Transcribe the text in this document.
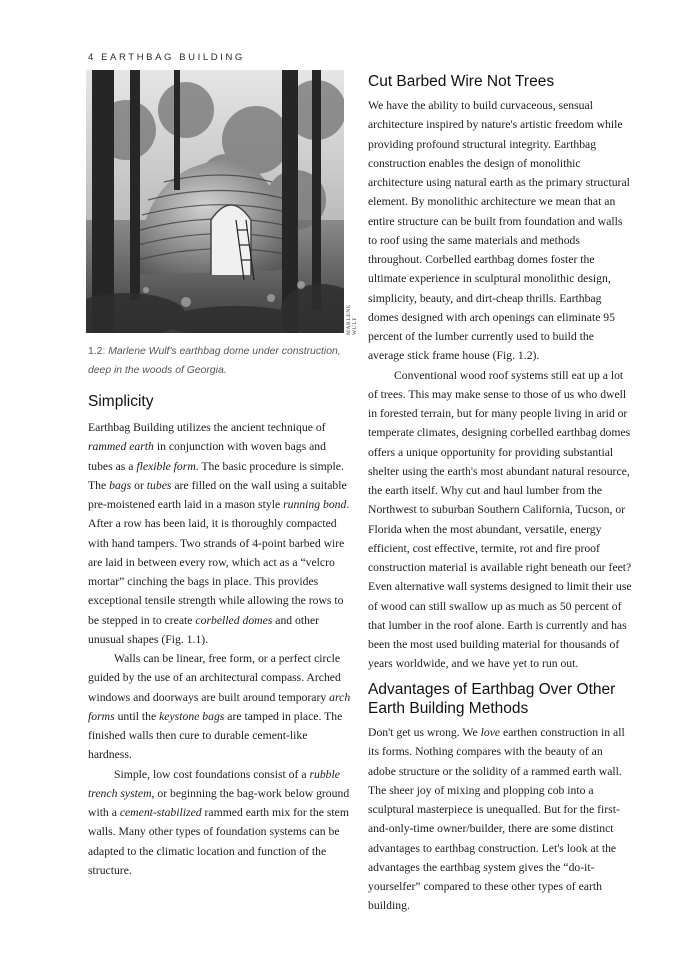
4 EARTHBAG BUILDING
MARLENE WULF
1.2: Marlene Wulf's earthbag dome under construction, deep in the woods of Georgia.
Simplicity

Earthbag Building utilizes the ancient technique of rammed earth in conjunction with woven bags and tubes as a flexible form. The basic procedure is simple. The bags or tubes are filled on the wall using a suitable pre-moistened earth laid in a mason style running bond. After a row has been laid, it is thoroughly compacted with hand tampers. Two strands of 4-point barbed wire are laid in between every row, which act as a “velcro mortar” cinching the bags in place. This provides exceptional tensile strength while allowing the rows to be stepped in to create corbelled domes and other unusual shapes (Fig. 1.1).

Walls can be linear, free form, or a perfect circle guided by the use of an architectural compass. Arched windows and doorways are built around temporary arch forms until the keystone bags are tamped in place. The finished walls then cure to durable cement-like hardness.

Simple, low cost foundations consist of a rubble trench system, or beginning the bag-work below ground with a cement-stabilized rammed earth mix for the stem walls. Many other types of foundation systems can be adapted to the climatic location and function of the structure.

Cut Barbed Wire Not Trees

We have the ability to build curvaceous, sensual architecture inspired by nature's artistic freedom while providing profound structural integrity. Earthbag construction enables the design of monolithic architecture using natural earth as the primary structural element. By monolithic architecture we mean that an entire structure can be built from foundation and walls to roof using the same materials and methods throughout. Corbelled earthbag domes foster the ultimate experience in sculptural monolithic design, simplicity, beauty, and dirt-cheap thrills. Earthbag domes designed with arch openings can eliminate 95 percent of the lumber currently used to build the average stick frame house (Fig. 1.2).

Conventional wood roof systems still eat up a lot of trees. This may make sense to those of us who dwell in forested terrain, but for many people living in arid or temperate climates, designing corbelled earthbag domes offers a unique opportunity for providing substantial shelter using the earth's most abundant natural resource, the earth itself. Why cut and haul lumber from the Northwest to suburban Southern California, Tucson, or Florida when the most abundant, versatile, energy efficient, cost effective, termite, rot and fire proof construction material is available right beneath our feet? Even alternative wall systems designed to limit their use of wood can still swallow up as much as 50 percent of that lumber in the roof alone. Earth is currently and has been the most used building material for thousands of years worldwide, and we have yet to run out.

Advantages of Earthbag Over Other Earth Building Methods

Don't get us wrong. We love earthen construction in all its forms. Nothing compares with the beauty of an adobe structure or the solidity of a rammed earth wall. The sheer joy of mixing and plopping cob into a sculptural masterpiece is unequalled. But for the first-and-only-time owner/builder, there are some distinct advantages to earthbag construction. Let's look at the advantages the earthbag system gives the “do-it-yourselfer” compared to these other types of earth building.
